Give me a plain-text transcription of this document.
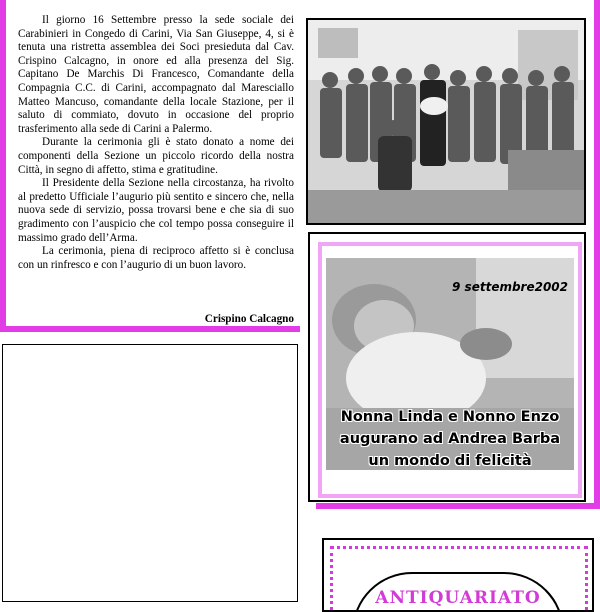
Il giorno 16 Settembre presso la sede sociale dei Carabinieri in Congedo di Carini, Via San Giuseppe, 4, si è tenuta una ristretta assemblea dei Soci presieduta dal Cav. Crispino Calcagno, in onore ed alla presenza del Sig. Capitano De Marchis Di Francesco, Comandante della Compagnia C.C. di Carini, accompagnato dal Maresciallo Matteo Mancuso, comandante della locale Stazione, per il saluto di commiato, dovuto in occasione del proprio trasferimento alla sede di Carini a Palermo.

Durante la cerimonia gli è stato donato a nome dei componenti della Sezione un piccolo ricordo della nostra Città, in segno di affetto, stima e gratitudine.

Il Presidente della Sezione nella circostanza, ha rivolto al predetto Ufficiale l’augurio più sentito e sincero che, nella nuova sede di servizio, possa trovarsi bene e che sia di suo gradimento con l’auspicio che col tempo possa conseguire il massimo grado dell’Arma.

La cerimonia, piena di reciproco affetto si è conclusa con un rinfresco e con l’augurio di un buon lavoro.

Crispino Calcagno
9 settembre2002
Nonna Linda e Nonno Enzo
augurano ad Andrea Barba
un mondo di felicità
ANTIQUARIATO
